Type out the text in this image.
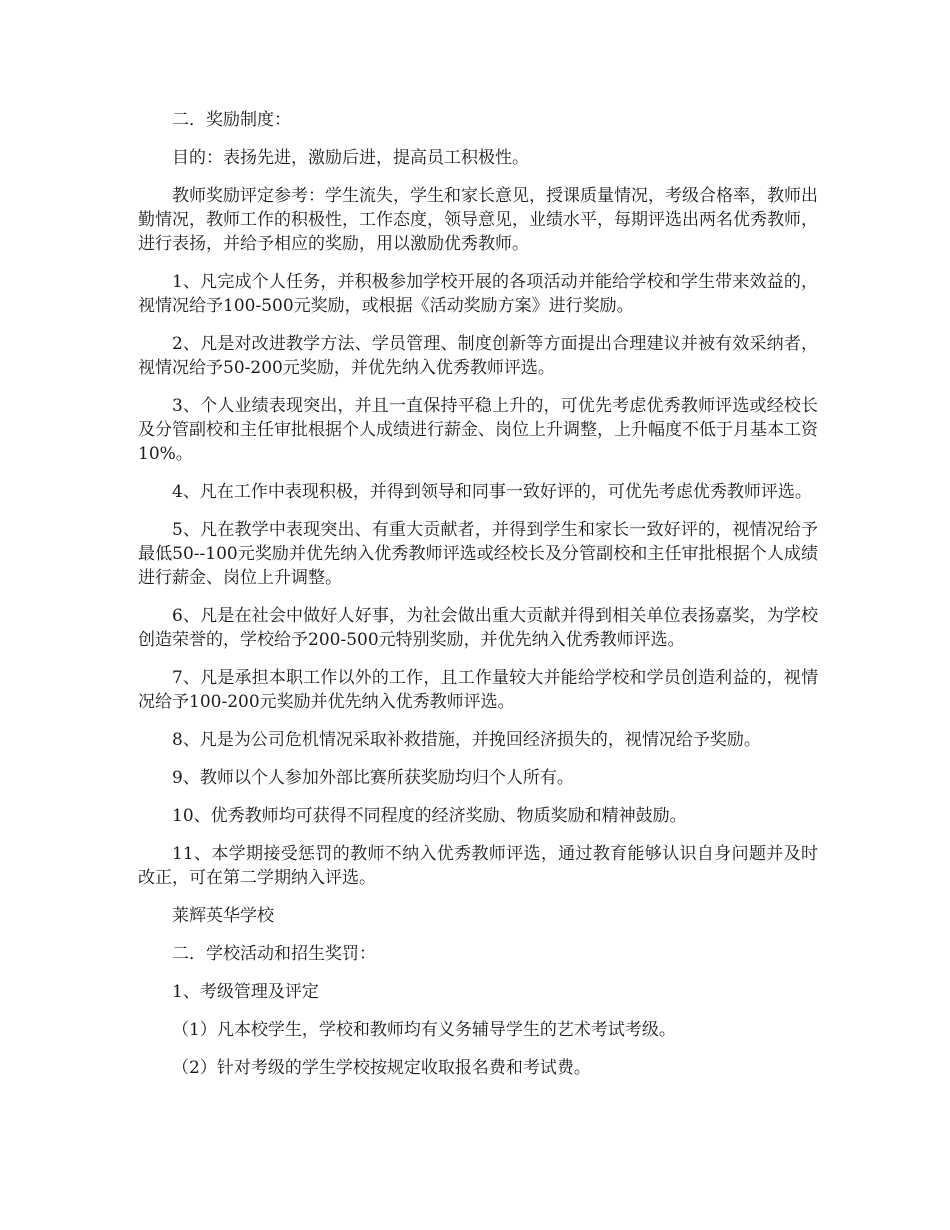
二．奖励制度：

目的：表扬先进，激励后进，提高员工积极性。

教师奖励评定参考：学生流失，学生和家长意见，授课质量情况，考级合格率，教师出勤情况，教师工作的积极性，工作态度，领导意见，业绩水平，每期评选出两名优秀教师，进行表扬，并给予相应的奖励，用以激励优秀教师。

1、凡完成个人任务，并积极参加学校开展的各项活动并能给学校和学生带来效益的，视情况给予100-500元奖励，或根据《活动奖励方案》进行奖励。

2、凡是对改进教学方法、学员管理、制度创新等方面提出合理建议并被有效采纳者，视情况给予50-200元奖励，并优先纳入优秀教师评选。

3、个人业绩表现突出，并且一直保持平稳上升的，可优先考虑优秀教师评选或经校长及分管副校和主任审批根据个人成绩进行薪金、岗位上升调整，上升幅度不低于月基本工资10%。

4、凡在工作中表现积极，并得到领导和同事一致好评的，可优先考虑优秀教师评选。

5、凡在教学中表现突出、有重大贡献者，并得到学生和家长一致好评的，视情况给予最低50--100元奖励并优先纳入优秀教师评选或经校长及分管副校和主任审批根据个人成绩进行薪金、岗位上升调整。

6、凡是在社会中做好人好事，为社会做出重大贡献并得到相关单位表扬嘉奖，为学校创造荣誉的，学校给予200-500元特别奖励，并优先纳入优秀教师评选。

7、凡是承担本职工作以外的工作，且工作量较大并能给学校和学员创造利益的，视情况给予100-200元奖励并优先纳入优秀教师评选。

8、凡是为公司危机情况采取补救措施，并挽回经济损失的，视情况给予奖励。

9、教师以个人参加外部比赛所获奖励均归个人所有。

10、优秀教师均可获得不同程度的经济奖励、物质奖励和精神鼓励。

11、本学期接受惩罚的教师不纳入优秀教师评选，通过教育能够认识自身问题并及时改正，可在第二学期纳入评选。

莱辉英华学校

二．学校活动和招生奖罚：

1、考级管理及评定

（1）凡本校学生，学校和教师均有义务辅导学生的艺术考试考级。

（2）针对考级的学生学校按规定收取报名费和考试费。
